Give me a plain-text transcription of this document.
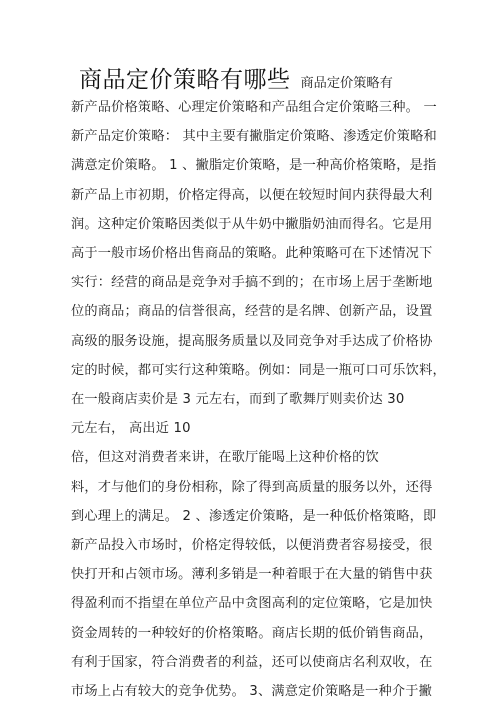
商品定价策略有哪些 商品定价策略有
新产品价格策略、心理定价策略和产品组合定价策略三种。 一
新产品定价策略： 其中主要有撇脂定价策略、渗透定价策略和
满意定价策略。 1 、撇脂定价策略，是一种高价格策略，是指
新产品上市初期，价格定得高，以便在较短时间内获得最大利
润。这种定价策略因类似于从牛奶中撇脂奶油而得名。它是用
高于一般市场价格出售商品的策略。此种策略可在下述情况下
实行：经营的商品是竞争对手搞不到的；在市场上居于垄断地
位的商品；商品的信誉很高，经营的是名牌、创新产品，设置
高级的服务设施，提高服务质量以及同竞争对手达成了价格协
定的时候，都可实行这种策略。例如：同是一瓶可口可乐饮料，
在一般商店卖价是 3 元左右，而到了歌舞厅则卖价达 30
元左右， 高出近 10
倍，但这对消费者来讲，在歌厅能喝上这种价格的饮
料，才与他们的身份相称，除了得到高质量的服务以外，还得
到心理上的满足。 2 、渗透定价策略，是一种低价格策略，即
新产品投入市场时，价格定得较低，以便消费者容易接受，很
快打开和占领市场。薄利多销是一种着眼于在大量的销售中获
得盈利而不指望在单位产品中贪图高利的定位策略，它是加快
资金周转的一种较好的价格策略。商店长期的低价销售商品，
有利于国家，符合消费者的利益，还可以使商店名利双收，在
市场上占有较大的竞争优势。 3、满意定价策略是一种介于撇
